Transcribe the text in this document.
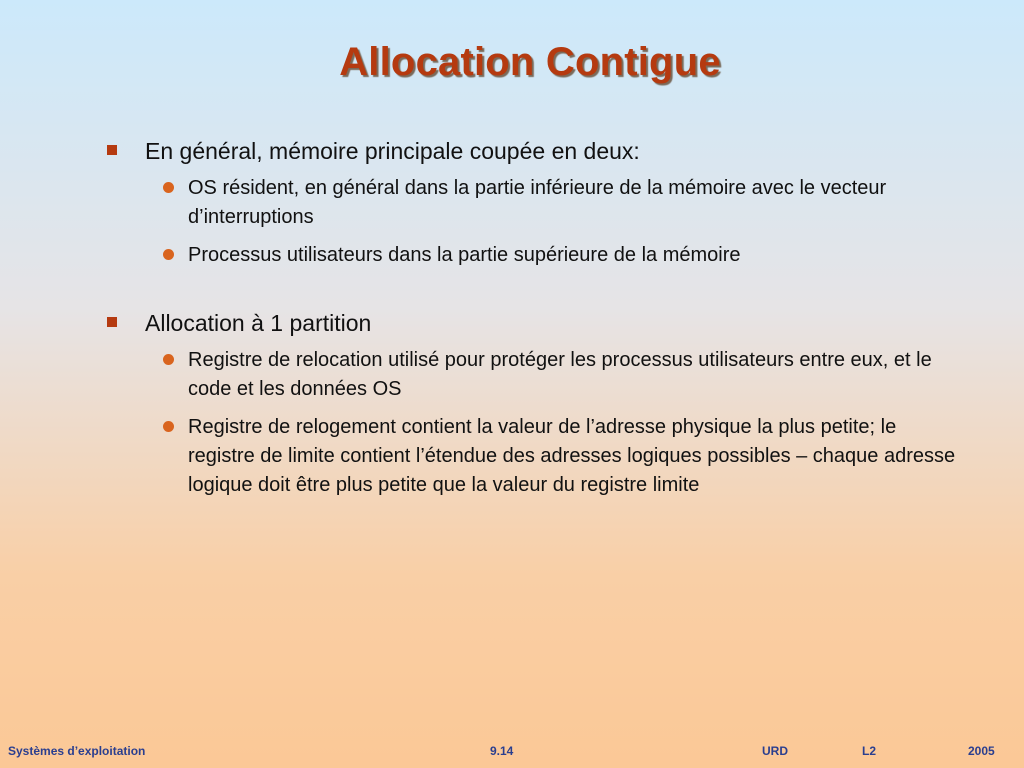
Allocation Contigue
En général, mémoire principale coupée en deux:
OS résident, en général dans la partie inférieure de la mémoire avec le vecteur d’interruptions
Processus utilisateurs dans la partie supérieure de la mémoire
Allocation à 1 partition
Registre de relocation utilisé pour protéger les processus utilisateurs entre eux, et le code et les données OS
Registre de relogement contient la valeur de l’adresse physique la plus petite; le registre de limite contient l’étendue des adresses logiques possibles – chaque adresse logique doit être plus petite que la valeur du registre limite
Systèmes d’exploitation	9.14	URD	L2	2005
